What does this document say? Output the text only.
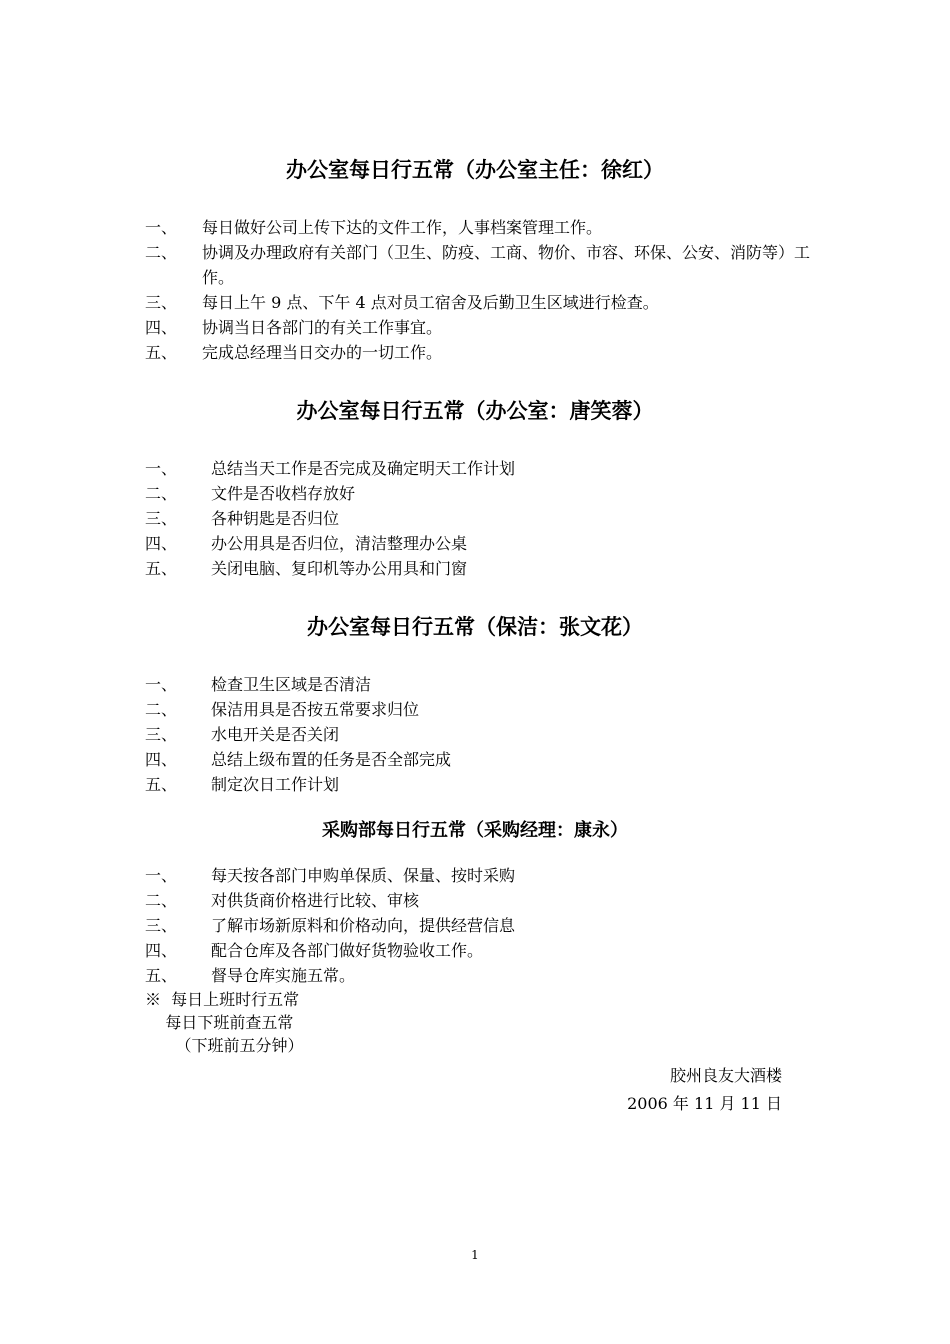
办公室每日行五常（办公室主任：徐红）
一、	每日做好公司上传下达的文件工作，人事档案管理工作。
二、	协调及办理政府有关部门（卫生、防疫、工商、物价、市容、环保、公安、消防等）工作。
三、	每日上午 9 点、下午 4 点对员工宿舍及后勤卫生区域进行检查。
四、	协调当日各部门的有关工作事宜。
五、	完成总经理当日交办的一切工作。
办公室每日行五常（办公室：唐笑蓉）
一、	总结当天工作是否完成及确定明天工作计划
二、	文件是否收档存放好
三、	各种钥匙是否归位
四、	办公用具是否归位，清洁整理办公桌
五、	关闭电脑、复印机等办公用具和门窗
办公室每日行五常（保洁：张文花）
一、	检查卫生区域是否清洁
二、	保洁用具是否按五常要求归位
三、	水电开关是否关闭
四、	总结上级布置的任务是否全部完成
五、	制定次日工作计划
采购部每日行五常（采购经理：康永）
一、	每天按各部门申购单保质、保量、按时采购
二、	对供货商价格进行比较、审核
三、	了解市场新原料和价格动向，提供经营信息
四、	配合仓库及各部门做好货物验收工作。
五、	督导仓库实施五常。
※  每日上班时行五常
每日下班前查五常
（下班前五分钟）
胶州良友大酒楼
2006 年 11 月 11 日
1
